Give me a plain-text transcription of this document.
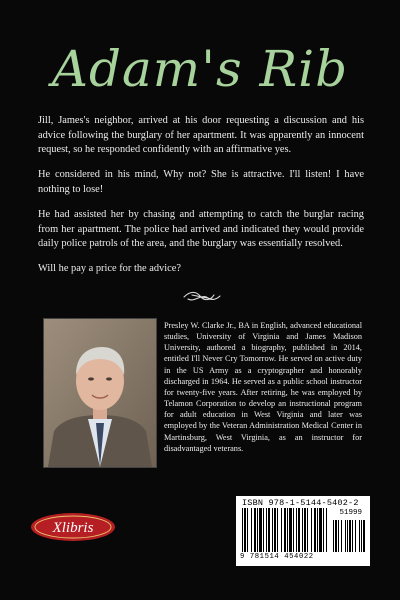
Adam's Rib

Jill, James's neighbor, arrived at his door requesting a discussion and his advice following the burglary of her apartment. It was apparently an innocent request, so he responded confidently with an affirmative yes.

He considered in his mind, Why not? She is attractive. I'll listen! I have nothing to lose!

He had assisted her by chasing and attempting to catch the burglar racing from her apartment. The police had arrived and indicated they would provide daily police patrols of the area, and the burglary was essentially resolved.

Will he pay a price for the advice?

Presley W. Clarke Jr., BA in English, advanced educational studies, University of Virginia and James Madison University, authored a biography, published in 2014, entitled I'll Never Cry Tomorrow. He served on active duty in the US Army as a cryptographer and honorably discharged in 1964. He served as a public school instructor for twenty-five years. After retiring, he was employed by Telamon Corporation to develop an instructional program for adult education in West Virginia and later was employed by the Veteran Administration Medical Center in Martinsburg, West Virginia, as an instructor for disadvantaged veterans.
Xlibris
ISBN 978-1-5144-5402-2
51999
9 781514 454022
